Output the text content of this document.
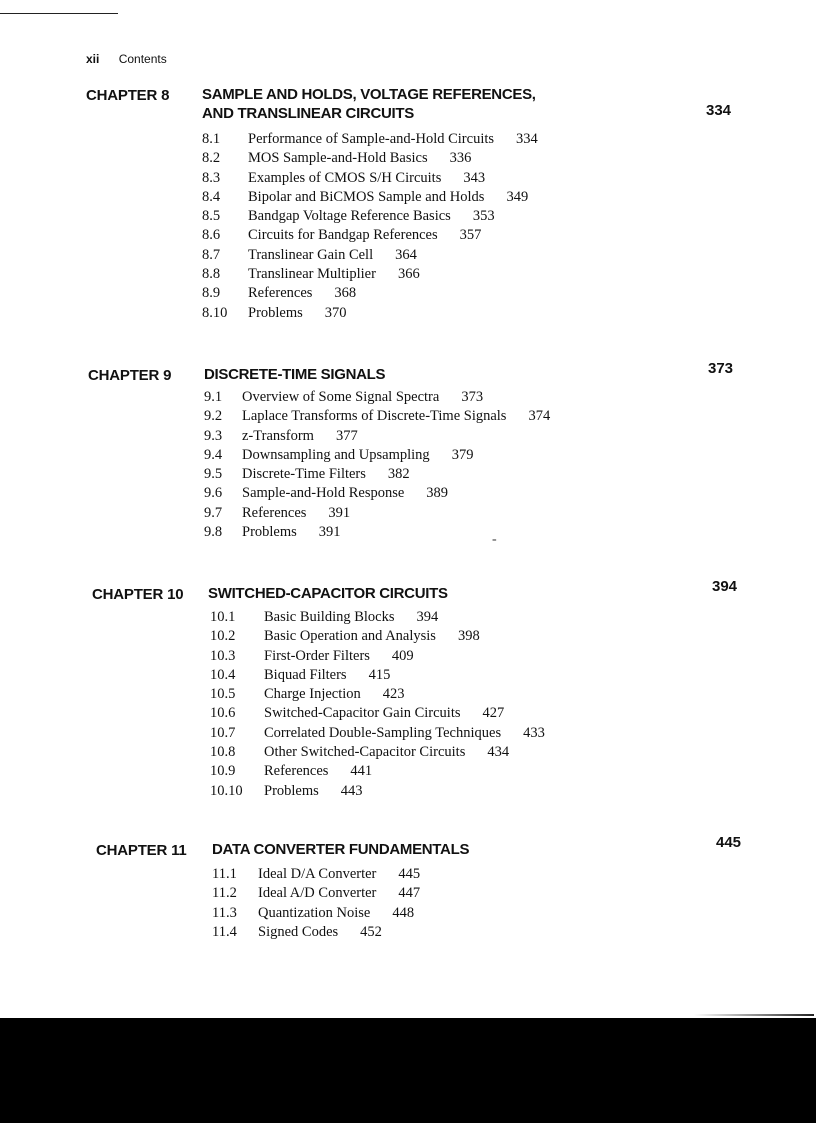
xii Contents
CHAPTER 8 SAMPLE AND HOLDS, VOLTAGE REFERENCES,
AND TRANSLINEAR CIRCUITS	334
8.1 Performance of Sample-and-Hold Circuits 334
8.2 MOS Sample-and-Hold Basics 336
8.3 Examples of CMOS S/H Circuits 343
8.4 Bipolar and BiCMOS Sample and Holds 349
8.5 Bandgap Voltage Reference Basics 353
8.6 Circuits for Bandgap References 357
8.7 Translinear Gain Cell 364
8.8 Translinear Multiplier 366
8.9 References 368
8.10 Problems 370
CHAPTER 9 DISCRETE-TIME SIGNALS	373
9.1 Overview of Some Signal Spectra 373
9.2 Laplace Transforms of Discrete-Time Signals 374
9.3 z-Transform 377
9.4 Downsampling and Upsampling 379
9.5 Discrete-Time Filters 382
9.6 Sample-and-Hold Response 389
9.7 References 391
9.8 Problems 391	-
CHAPTER 10 SWITCHED-CAPACITOR CIRCUITS	394
10.1 Basic Building Blocks 394
10.2 Basic Operation and Analysis 398
10.3 First-Order Filters 409
10.4 Biquad Filters 415
10.5 Charge Injection 423
10.6 Switched-Capacitor Gain Circuits 427
10.7 Correlated Double-Sampling Techniques 433
10.8 Other Switched-Capacitor Circuits 434
10.9 References 441
10.10 Problems 443
CHAPTER 11 DATA CONVERTER FUNDAMENTALS	445
11.1 Ideal D/A Converter 445
11.2 Ideal A/D Converter 447
11.3 Quantization Noise 448
11.4 Signed Codes 452
